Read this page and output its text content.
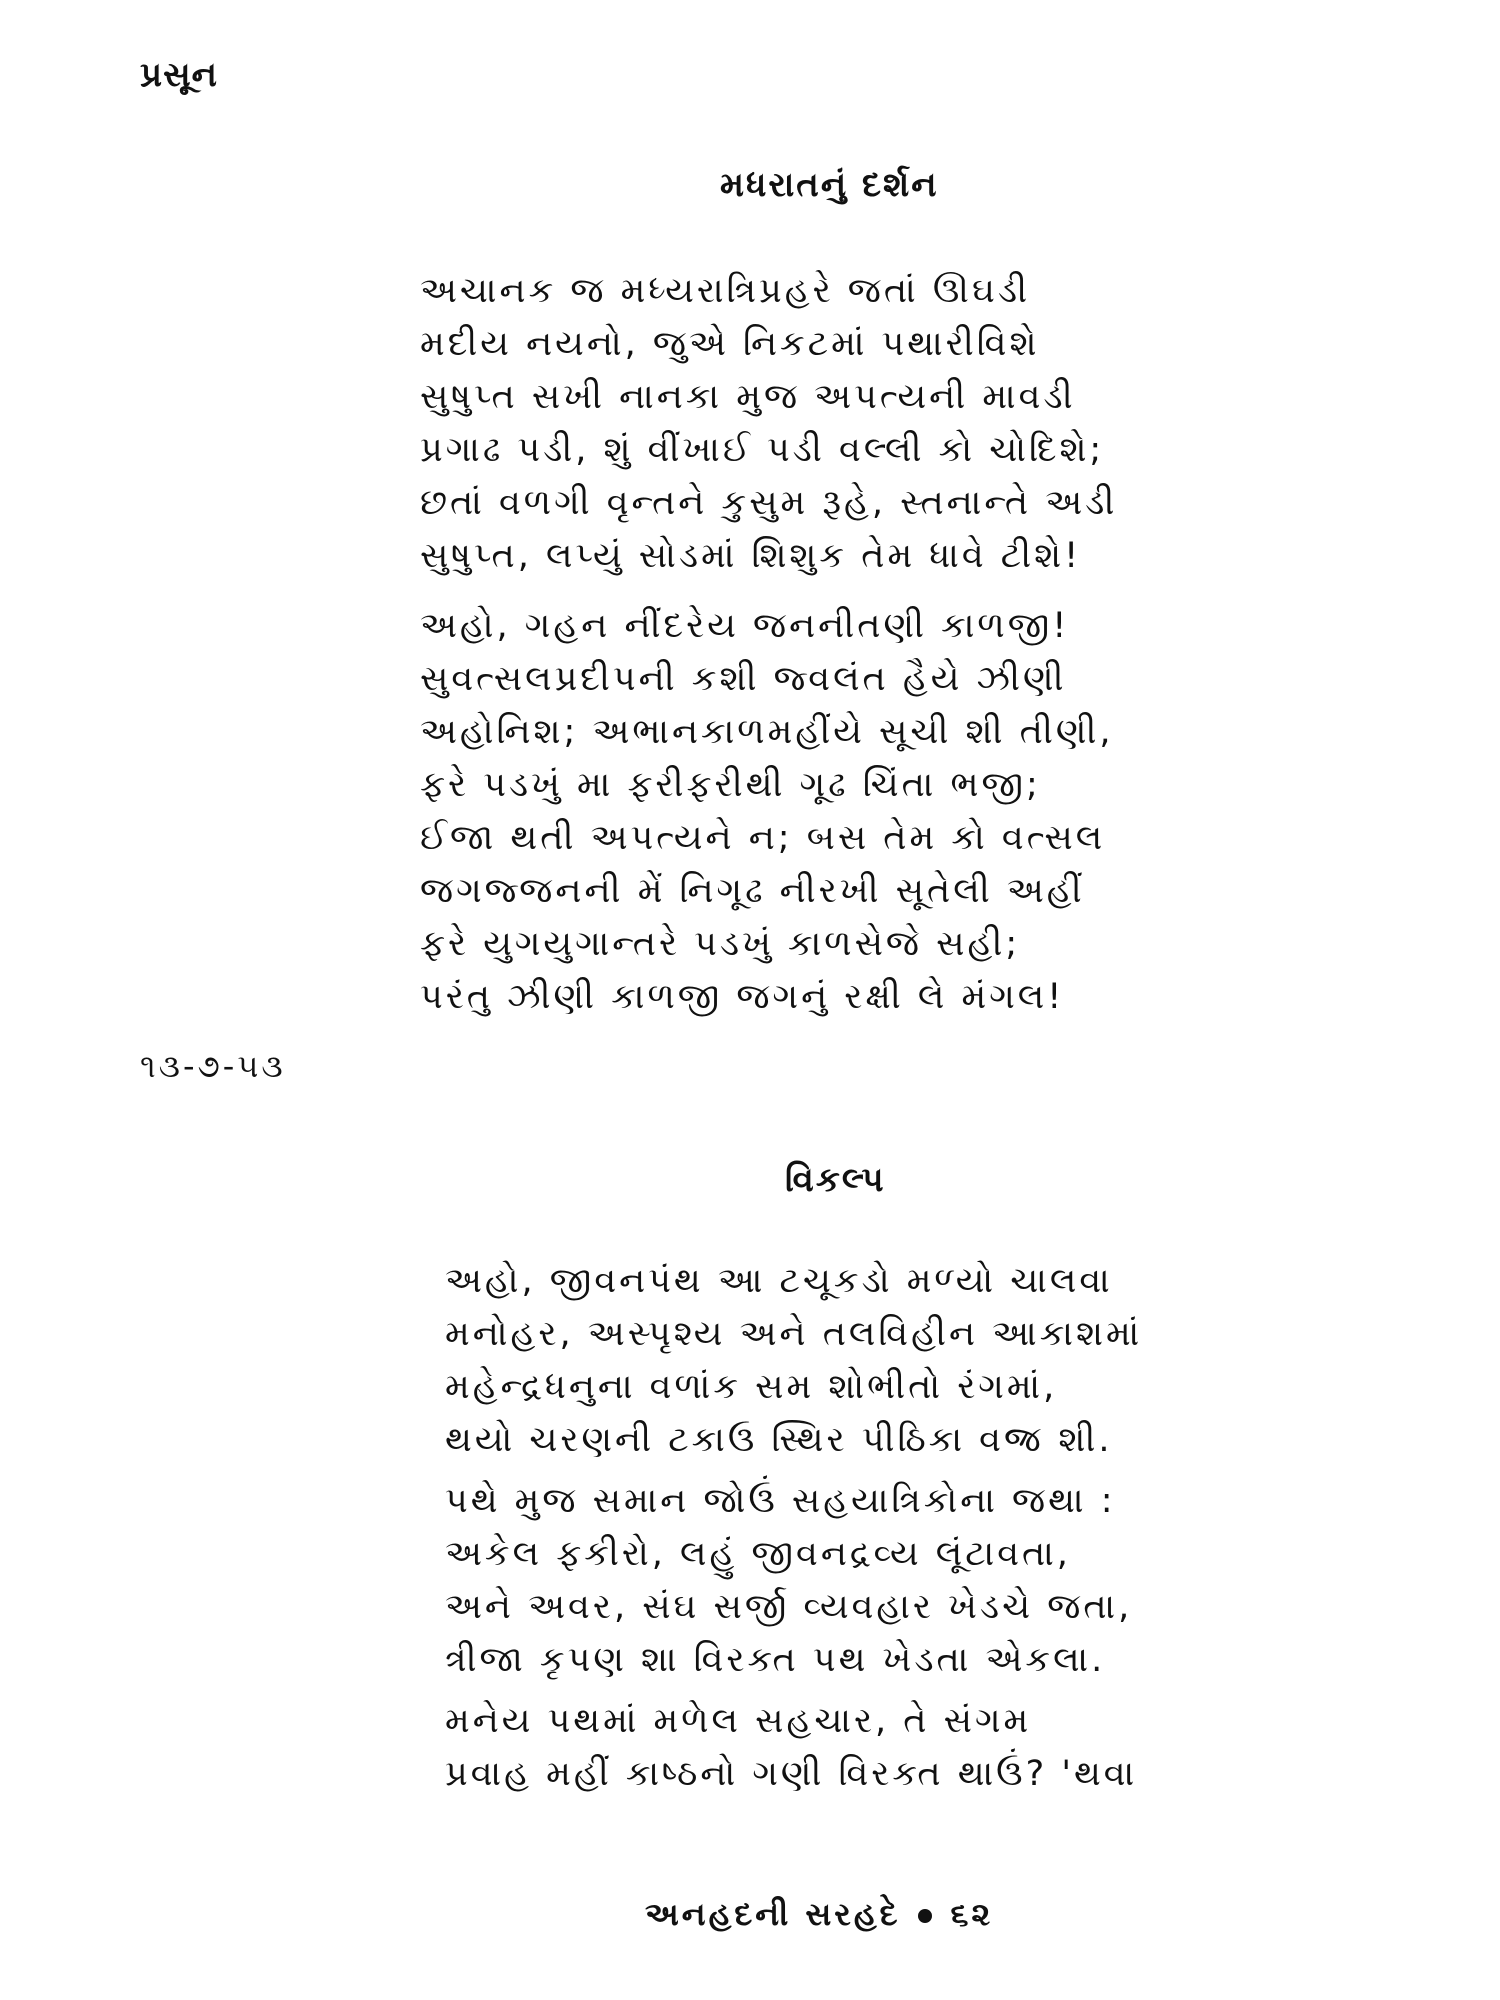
પ્રસૂન
મધરાતનું દર્શન
અચાનક જ મધ્યરાત્રિપ્રહરે જતાં ઊઘડી
મદીય નયનો, જુએ નિકટમાં પથારીવિશે
સુષુપ્ત સખી નાનકા મુજ અપત્યની માવડી
પ્રગાઢ પડી, શું વીંખાઈ પડી વલ્લી કો ચોદિશે;
છતાં વળગી વૃન્તને કુસુમ રૂહે, સ્તનાન્તે અડી
સુષુપ્ત, લપ્યું સોડમાં શિશુક તેમ ધાવે ટીશે!
અહો, ગહન નીંદરેય જનનીતણી કાળજી!
સુવત્સલપ્રદીપની કશી જ્વલંત હૈયે ઝીણી
અહોનિશ; અભાનકાળમહીંયે સૂચી શી તીણી,
ફરે પડખું મા ફરીફરીથી ગૂઢ ચિંતા ભજી;
ઈજા થતી અપત્યને ન; બસ તેમ કો વત્સલ
જગજ્જનની મેં નિગૂઢ નીરખી સૂતેલી અહીં
ફરે યુગયુગાન્તરે પડખું કાળસેજે સહી;
પરંતુ ઝીણી કાળજી જગનું રક્ષી લે મંગલ!
૧૩-૭-૫૩
વિકલ્પ
અહો, જીવનપંથ આ ટચૂકડો મળ્યો ચાલવા
મનોહર, અસ્પૃશ્ય અને તલવિહીન આકાશમાં
મહેન્દ્રધનુના વળાંક સમ શોભીતો રંગમાં,
થયો ચરણની ટકાઉ સ્થિર પીઠિકા વજ્ર શી.
પથે મુજ સમાન જોઉં સહયાત્રિકોના જથા :
અકેલ ફકીરો, લહું જીવનદ્રવ્ય લૂંટાવતા,
અને અવર, સંઘ સર્જી વ્યવહાર ખેડચે જતા,
ત્રીજા કૃપણ શા વિરક્ત પથ ખેડતા એકલા.
મનેય પથમાં મળેલ સહચાર, તે સંગમ
પ્રવાહ મહીં કાષ્ઠનો ગણી વિરક્ત થાઉં? 'થવા
અનહદની સરહદે ૬૨
